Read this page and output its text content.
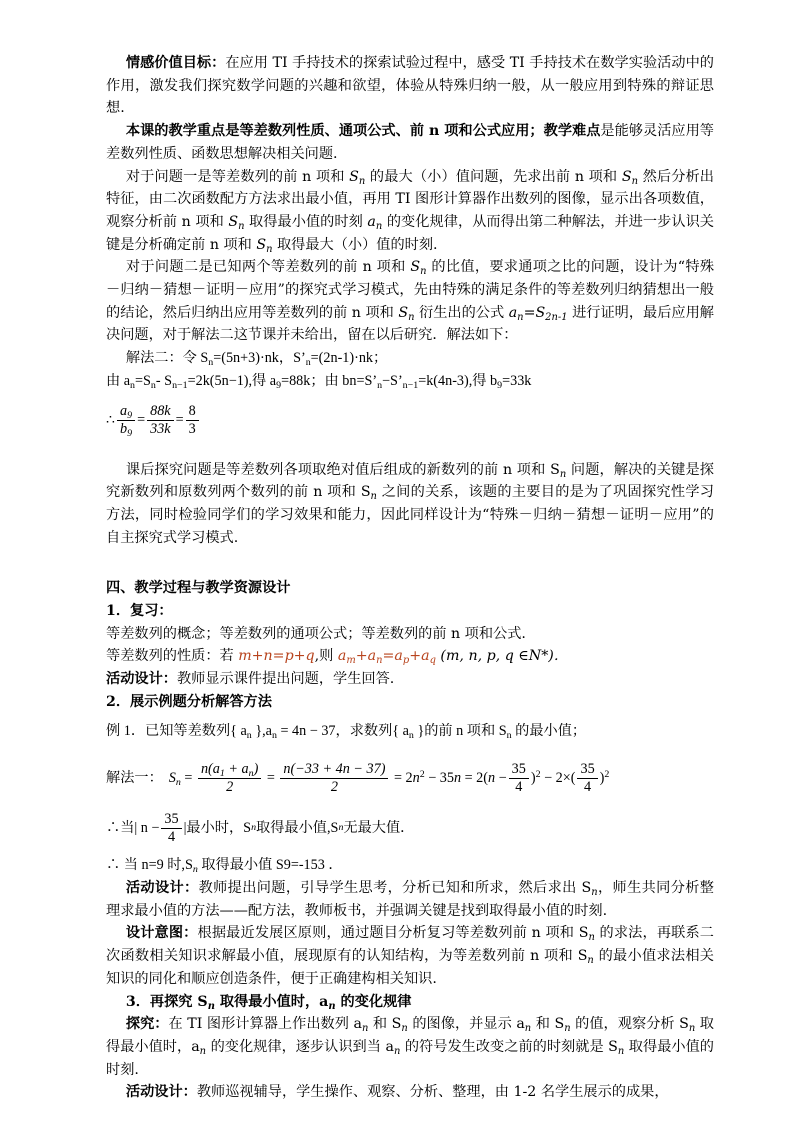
情感价值目标：在应用 TI 手持技术的探索试验过程中，感受 TI 手持技术在数学实验活动中的作用，激发我们探究数学问题的兴趣和欲望，体验从特殊归纳一般，从一般应用到特殊的辩证思想.

本课的教学重点是等差数列性质、通项公式、前 n 项和公式应用；教学难点是能够灵活应用等差数列性质、函数思想解决相关问题.

对于问题一是等差数列的前 n 项和 $S_n$ 的最大（小）值问题，先求出前 n 项和 $S_n$ 然后分析出特征，由二次函数配方方法求出最小值，再用 TI 图形计算器作出数列的图像，显示出各项数值，观察分析前 n 项和 $S_n$ 取得最小值的时刻 $a_n$ 的变化规律，从而得出第二种解法，并进一步认识关键是分析确定前 n 项和 $S_n$ 取得最大（小）值的时刻.

对于问题二是已知两个等差数列的前 n 项和 $S_n$ 的比值，要求通项之比的问题，设计为“特殊－归纳－猜想－证明－应用”的探究式学习模式，先由特殊的满足条件的等差数列归纳猜想出一般的结论，然后归纳出应用等差数列的前 n 项和 $S_n$ 衍生出的公式 $a_n=S_{2n-1}$ 进行证明，最后应用解决问题，对于解法二这节课并未给出，留在以后研究．解法如下：

解法二：令 $S_n=(5n+3)\cdot nk$，$S’_n=(2n-1)\cdot nk$；

由 $a_n=S_n-$ $S_{n-1}=2k(5n-1)$,得 $a_9=88k$；由 $bn=S’_n-S’_{n-1}=k(4n-3)$,得 $b_9=33k$

∴ $\frac{a_9}{b_9} = \frac{88k}{33k} = \frac{8}{3}$

课后探究问题是等差数列各项取绝对值后组成的新数列的前 n 项和 $S_n$ 问题，解决的关键是探究新数列和原数列两个数列的前 n 项和 $S_n$ 之间的关系，该题的主要目的是为了巩固探究性学习方法，同时检验同学们的学习效果和能力，因此同样设计为“特殊－归纳－猜想－证明－应用”的自主探究式学习模式.

四、教学过程与教学资源设计

1．复习：

等差数列的概念；等差数列的通项公式；等差数列的前 n 项和公式.

等差数列的性质：若 m+n=p+q,则 $a_m+a_n=a_p+a_q$ (m, n, p, q ∈N*)．

活动设计：教师显示课件提出问题，学生回答.

2．展示例题分析解答方法

例 1．已知等差数列{ $a_n$ }$,a_n = 4n - 37$，求数列{ $a_n$ }的前 n 项和 $S_n$ 的最小值；

解法一： $S_n = \frac{n(a_1 + a_n)}{2} = \frac{n(-33 + 4n - 37)}{2} = 2n^2 - 35n = 2(n - \frac{35}{4} )^2 - 2\times( \frac{35}{4} )^2$
∴当| $n - \frac{35}{4}$ |最小时，S n 取得最小值,S n 无最大值．

∴ 当 n=9 时$,S_n$ 取得最小值 S9=-153 ．

活动设计：教师提出问题，引导学生思考，分析已知和所求，然后求出 $S_n$，师生共同分析整理求最小值的方法——配方法，教师板书，并强调关键是找到取得最小值的时刻.

设计意图：根据最近发展区原则，通过题目分析复习等差数列前 n 项和 $S_n$ 的求法，再联系二次函数相关知识求解最小值，展现原有的认知结构，为等差数列前 n 项和 $S_n$ 的最小值求法相关知识的同化和顺应创造条件，便于正确建构相关知识.

3．再探究 $S_n$ 取得最小值时，$a_n$ 的变化规律

探究：在 TI 图形计算器上作出数列 $a_n$ 和 $S_n$ 的图像，并显示 $a_n$ 和 $S_n$ 的值，观察分析 $S_n$ 取得最小值时，$a_n$ 的变化规律，逐步认识到当 $a_n$ 的符号发生改变之前的时刻就是 $S_n$ 取得最小值的时刻.

活动设计：教师巡视辅导，学生操作、观察、分析、整理，由 1-2 名学生展示的成果，
